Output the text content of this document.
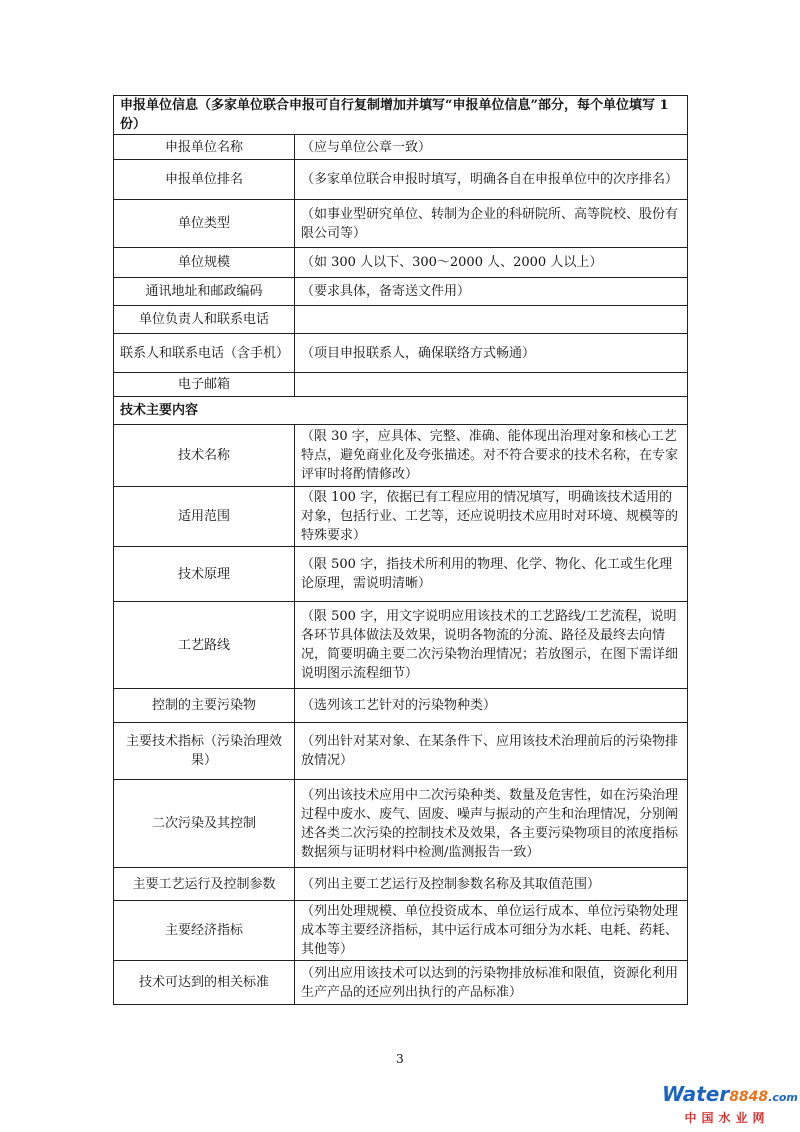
申报单位信息（多家单位联合申报可自行复制增加并填写“申报单位信息”部分，每个单位填写 1 份）	
申报单位名称	（应与单位公章一致）
申报单位排名	（多家单位联合申报时填写，明确各自在申报单位中的次序排名）
单位类型	（如事业型研究单位、转制为企业的科研院所、高等院校、股份有限公司等）
单位规模	（如 300 人以下、300～2000 人、2000 人以上）
通讯地址和邮政编码	（要求具体，备寄送文件用）
单位负责人和联系电话	
联系人和联系电话（含手机）	（项目申报联系人，确保联络方式畅通）
电子邮箱	
技术主要内容	
技术名称	（限 30 字，应具体、完整、准确、能体现出治理对象和核心工艺特点，避免商业化及夸张描述。对不符合要求的技术名称，在专家评审时将酌情修改）
适用范围	（限 100 字，依据已有工程应用的情况填写，明确该技术适用的对象，包括行业、工艺等，还应说明技术应用时对环境、规模等的特殊要求）
技术原理	（限 500 字，指技术所利用的物理、化学、物化、化工或生化理论原理，需说明清晰）
工艺路线	（限 500 字，用文字说明应用该技术的工艺路线/工艺流程，说明各环节具体做法及效果，说明各物流的分流、路径及最终去向情况，简要明确主要二次污染物治理情况；若放图示，在图下需详细说明图示流程细节）
控制的主要污染物	（选列该工艺针对的污染物种类）
主要技术指标（污染治理效果）	（列出针对某对象、在某条件下、应用该技术治理前后的污染物排放情况）
二次污染及其控制	（列出该技术应用中二次污染种类、数量及危害性，如在污染治理过程中废水、废气、固废、噪声与振动的产生和治理情况，分别阐述各类二次污染的控制技术及效果，各主要污染物项目的浓度指标数据须与证明材料中检测/监测报告一致）
主要工艺运行及控制参数	（列出主要工艺运行及控制参数名称及其取值范围）
主要经济指标	（列出处理规模、单位投资成本、单位运行成本、单位污染物处理成本等主要经济指标，其中运行成本可细分为水耗、电耗、药耗、其他等）
技术可达到的相关标准	（列出应用该技术可以达到的污染物排放标准和限值，资源化利用生产产品的还应列出执行的产品标准）
3
Water8848.com
中国水业网
